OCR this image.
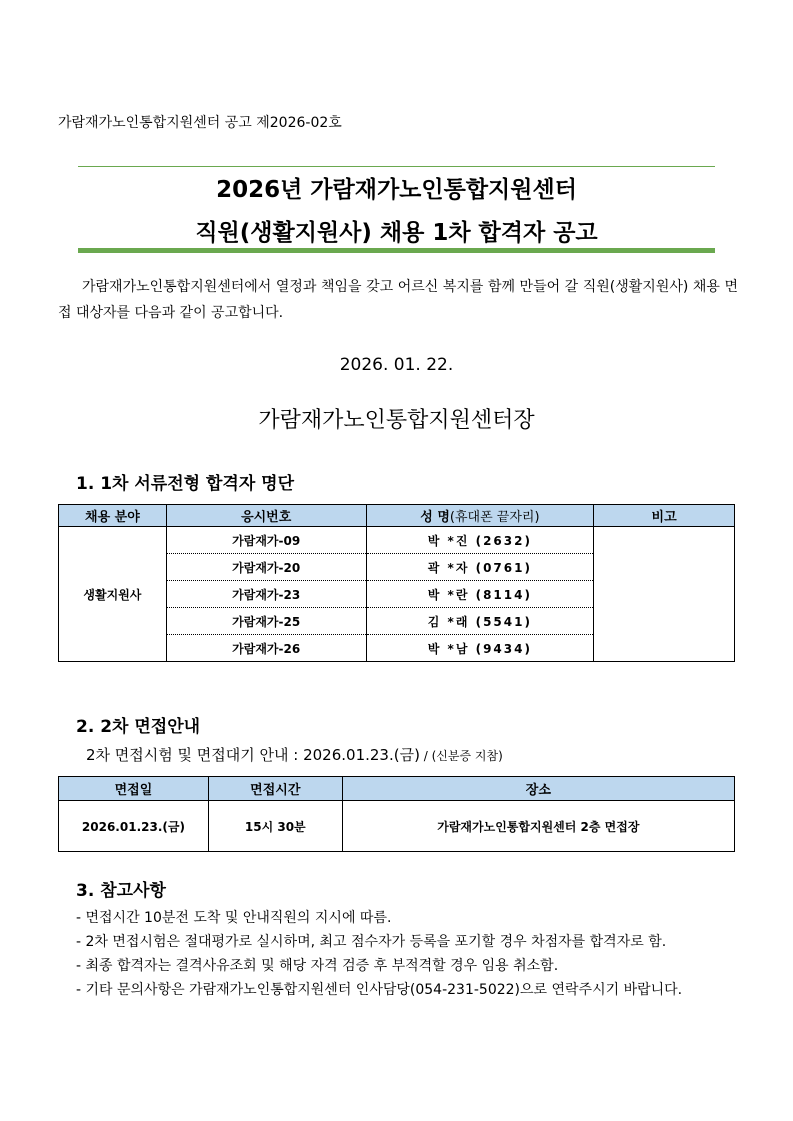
가람재가노인통합지원센터 공고 제2026-02호
2026년 가람재가노인통합지원센터
직원(생활지원사) 채용 1차 합격자 공고
가람재가노인통합지원센터에서 열정과 책임을 갖고 어르신 복지를 함께 만들어 갈 직원(생활지원사) 채용 면접 대상자를 다음과 같이 공고합니다.
2026. 01. 22.
가람재가노인통합지원센터장
1. 1차 서류전형 합격자 명단
채용 분야	응시번호	성 명(휴대폰 끝자리)	비고
생활지원사	가람재가-09	박 *진 (2632)	
	가람재가-20	곽 *자 (0761)	
	가람재가-23	박 *란 (8114)	
	가람재가-25	김 *래 (5541)	
	가람재가-26	박 *남 (9434)	
2. 2차 면접안내
2차 면접시험 및 면접대기 안내 : 2026.01.23.(금) / (신분증 지참)
면접일	면접시간	장소
2026.01.23.(금)	15시 30분	가람재가노인통합지원센터 2층 면접장
3. 참고사항
- 면접시간 10분전 도착 및 안내직원의 지시에 따름.
- 2차 면접시험은 절대평가로 실시하며, 최고 점수자가 등록을 포기할 경우 차점자를 합격자로 함.
- 최종 합격자는 결격사유조회 및 해당 자격 검증 후 부적격할 경우 임용 취소함.
- 기타 문의사항은 가람재가노인통합지원센터 인사담당(054-231-5022)으로 연락주시기 바랍니다.
